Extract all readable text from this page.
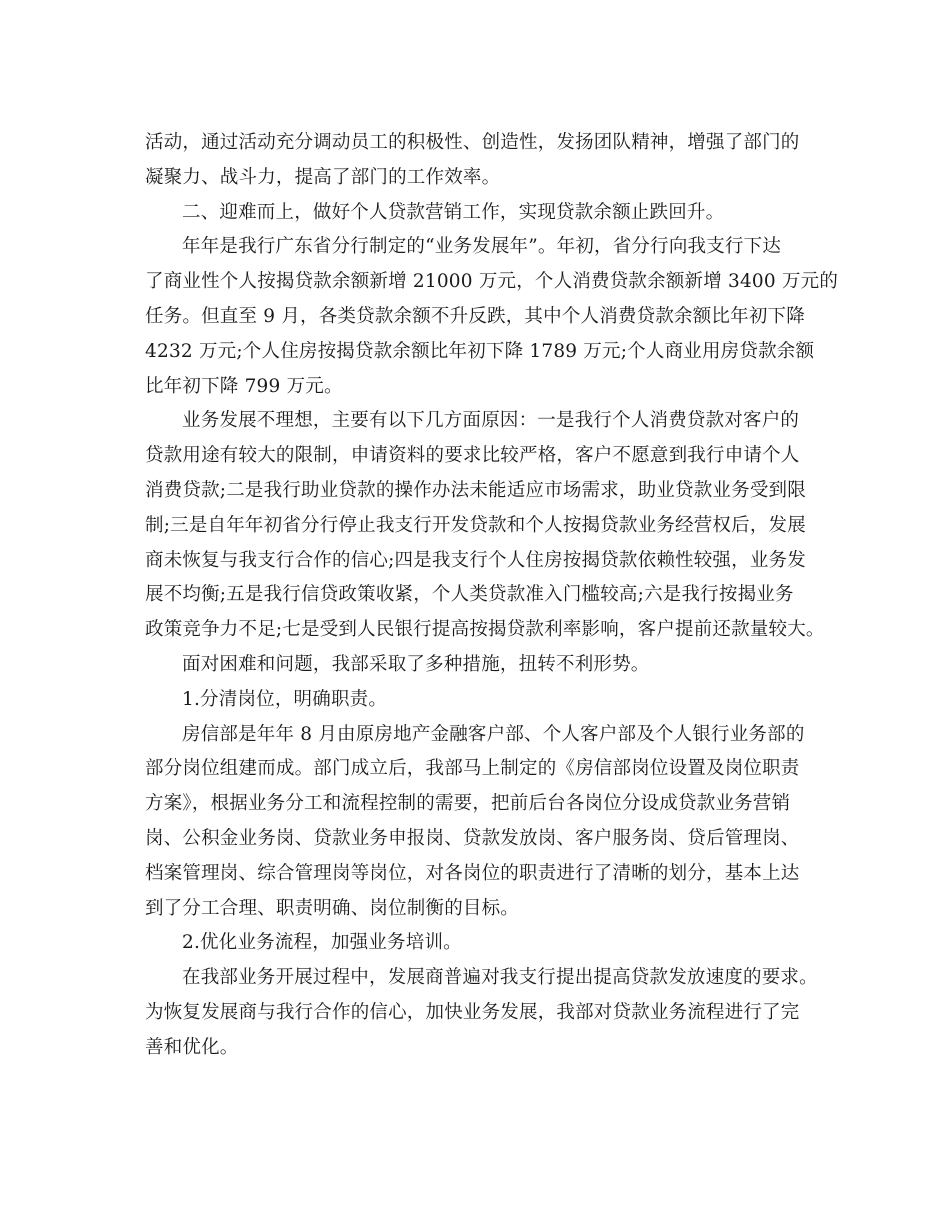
活动，通过活动充分调动员工的积极性、创造性，发扬团队精神，增强了部门的
凝聚力、战斗力，提高了部门的工作效率。
二、迎难而上，做好个人贷款营销工作，实现贷款余额止跌回升。
年年是我行广东省分行制定的“业务发展年”。年初，省分行向我支行下达
了商业性个人按揭贷款余额新增 21000 万元，个人消费贷款余额新增 3400 万元的
任务。但直至 9 月，各类贷款余额不升反跌，其中个人消费贷款余额比年初下降
4232 万元;个人住房按揭贷款余额比年初下降 1789 万元;个人商业用房贷款余额
比年初下降 799 万元。
业务发展不理想，主要有以下几方面原因：一是我行个人消费贷款对客户的
贷款用途有较大的限制，申请资料的要求比较严格，客户不愿意到我行申请个人
消费贷款;二是我行助业贷款的操作办法未能适应市场需求，助业贷款业务受到限
制;三是自年年初省分行停止我支行开发贷款和个人按揭贷款业务经营权后，发展
商未恢复与我支行合作的信心;四是我支行个人住房按揭贷款依赖性较强，业务发
展不均衡;五是我行信贷政策收紧，个人类贷款准入门槛较高;六是我行按揭业务
政策竞争力不足;七是受到人民银行提高按揭贷款利率影响，客户提前还款量较大。
面对困难和问题，我部采取了多种措施，扭转不利形势。
1.分清岗位，明确职责。
房信部是年年 8 月由原房地产金融客户部、个人客户部及个人银行业务部的
部分岗位组建而成。部门成立后，我部马上制定的《房信部岗位设置及岗位职责
方案》，根据业务分工和流程控制的需要，把前后台各岗位分设成贷款业务营销
岗、公积金业务岗、贷款业务申报岗、贷款发放岗、客户服务岗、贷后管理岗、
档案管理岗、综合管理岗等岗位，对各岗位的职责进行了清晰的划分，基本上达
到了分工合理、职责明确、岗位制衡的目标。
2.优化业务流程，加强业务培训。
在我部业务开展过程中，发展商普遍对我支行提出提高贷款发放速度的要求。
为恢复发展商与我行合作的信心，加快业务发展，我部对贷款业务流程进行了完
善和优化。
